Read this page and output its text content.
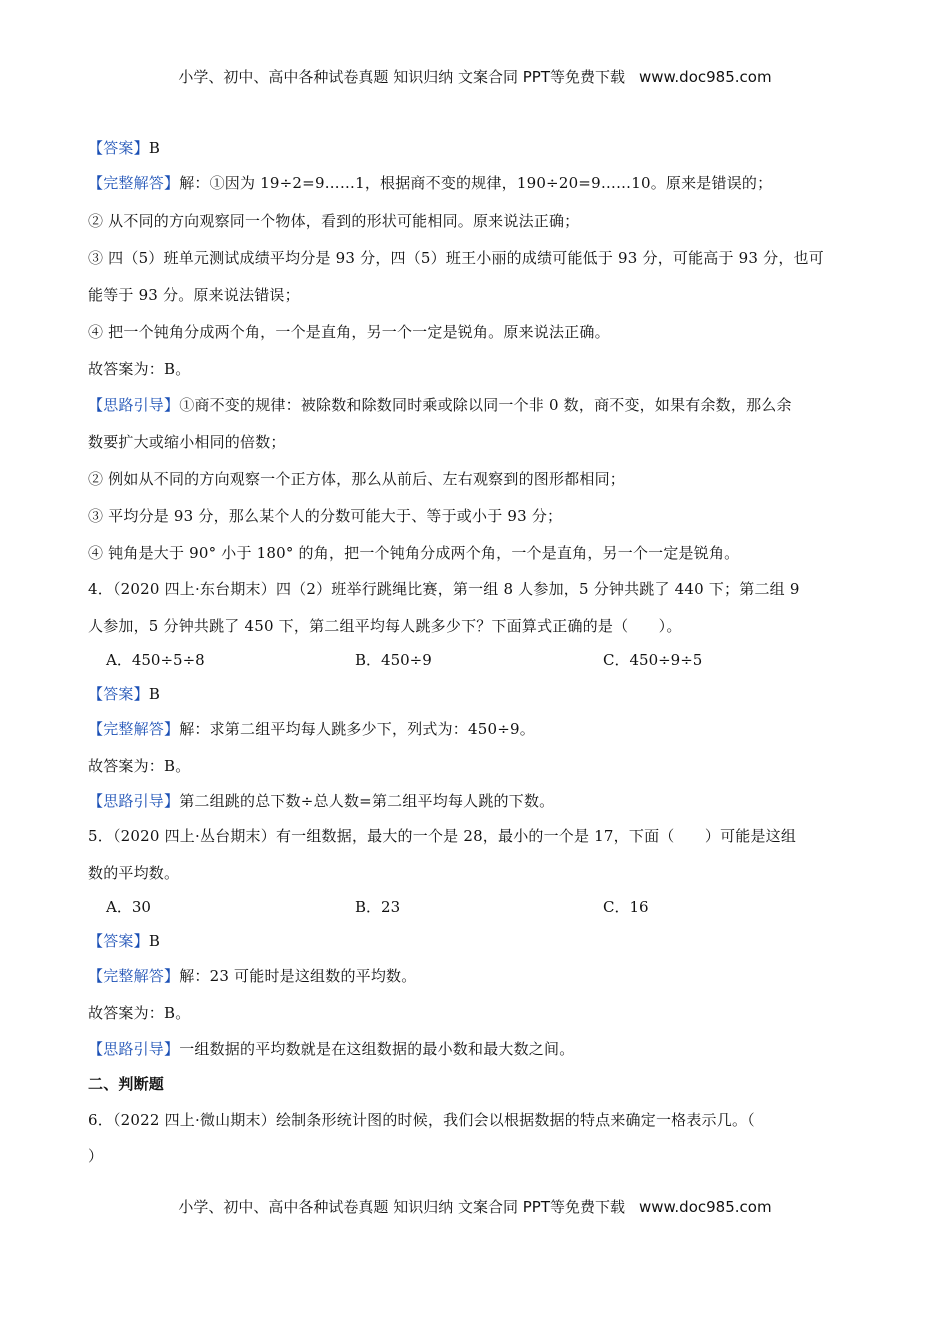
小学、初中、高中各种试卷真题 知识归纳 文案合同 PPT等免费下载 www.doc985.com
【答案】B
【完整解答】解：①因为 19÷2=9……1，根据商不变的规律，190÷20=9……10。原来是错误的；
② 从不同的方向观察同一个物体，看到的形状可能相同。原来说法正确；
③ 四（5）班单元测试成绩平均分是 93 分，四（5）班王小丽的成绩可能低于 93 分，可能高于 93 分，也可
能等于 93 分。原来说法错误；
④ 把一个钝角分成两个角，一个是直角，另一个一定是锐角。原来说法正确。
故答案为：B。
【思路引导】①商不变的规律：被除数和除数同时乘或除以同一个非 0 数，商不变，如果有余数，那么余
数要扩大或缩小相同的倍数；
② 例如从不同的方向观察一个正方体，那么从前后、左右观察到的图形都相同；
③ 平均分是 93 分，那么某个人的分数可能大于、等于或小于 93 分；
④ 钝角是大于 90° 小于 180° 的角，把一个钝角分成两个角，一个是直角，另一个一定是锐角。
4．（2020 四上·东台期末）四（2）班举行跳绳比赛，第一组 8 人参加，5 分钟共跳了 440 下；第二组 9
人参加，5 分钟共跳了 450 下，第二组平均每人跳多少下？下面算式正确的是（　　）。
A．450÷5÷8	B．450÷9	C．450÷9÷5
【答案】B
【完整解答】解：求第二组平均每人跳多少下，列式为：450÷9。
故答案为：B。
【思路引导】第二组跳的总下数÷总人数=第二组平均每人跳的下数。
5．（2020 四上·丛台期末）有一组数据，最大的一个是 28，最小的一个是 17，下面（　　）可能是这组
数的平均数。
A．30	B．23	C．16
【答案】B
【完整解答】解：23 可能时是这组数的平均数。
故答案为：B。
【思路引导】一组数据的平均数就是在这组数据的最小数和最大数之间。
二、判断题
6．（2022 四上·微山期末）绘制条形统计图的时候，我们会以根据数据的特点来确定一格表示几。（
）
小学、初中、高中各种试卷真题 知识归纳 文案合同 PPT等免费下载 www.doc985.com
